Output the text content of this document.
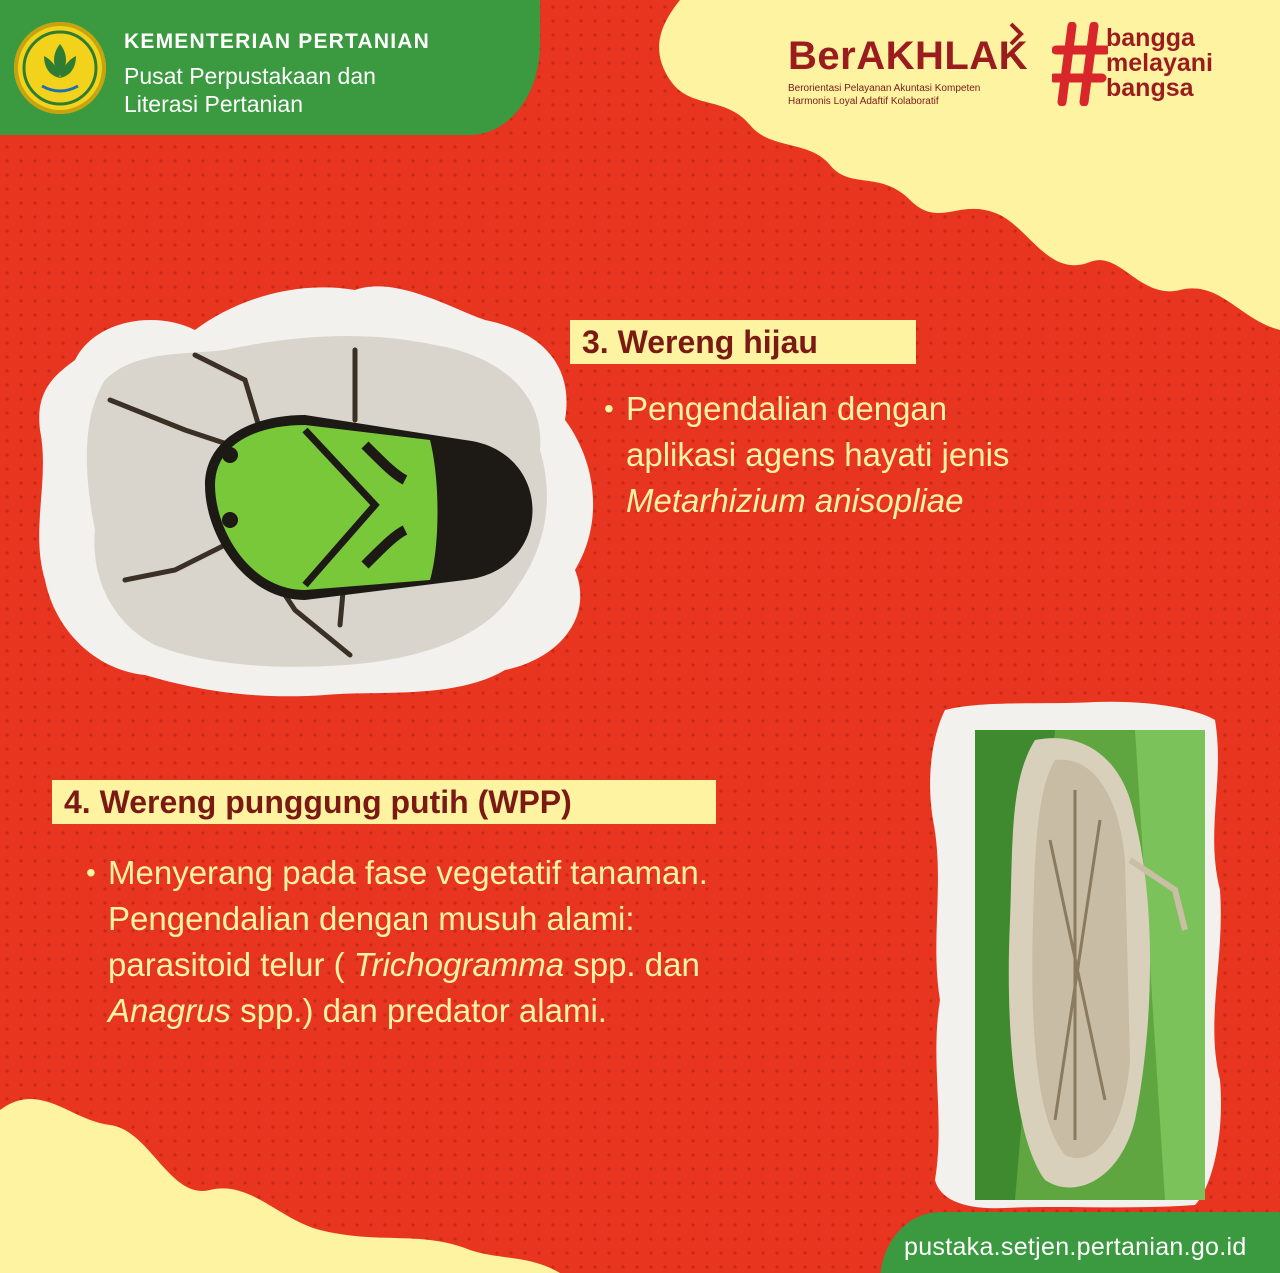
KEMENTERIAN PERTANIAN

Pusat Perpustakaan dan
Literasi Pertanian

BerAKHLAK
Berorientasi Pelayanan Akuntasi Kompeten
Harmonis Loyal Adaftif Kolaboratif
bangga
melayani
bangsa
3. Wereng hijau
• Pengendalian dengan
aplikasi agens hayati jenis
Metarhizium anisopliae
4. Wereng punggung putih (WPP)
• Menyerang pada fase vegetatif tanaman.
Pengendalian dengan musuh alami:
parasitoid telur ( Trichogramma spp. dan
Anagrus spp.) dan predator alami.

pustaka.setjen.pertanian.go.id
